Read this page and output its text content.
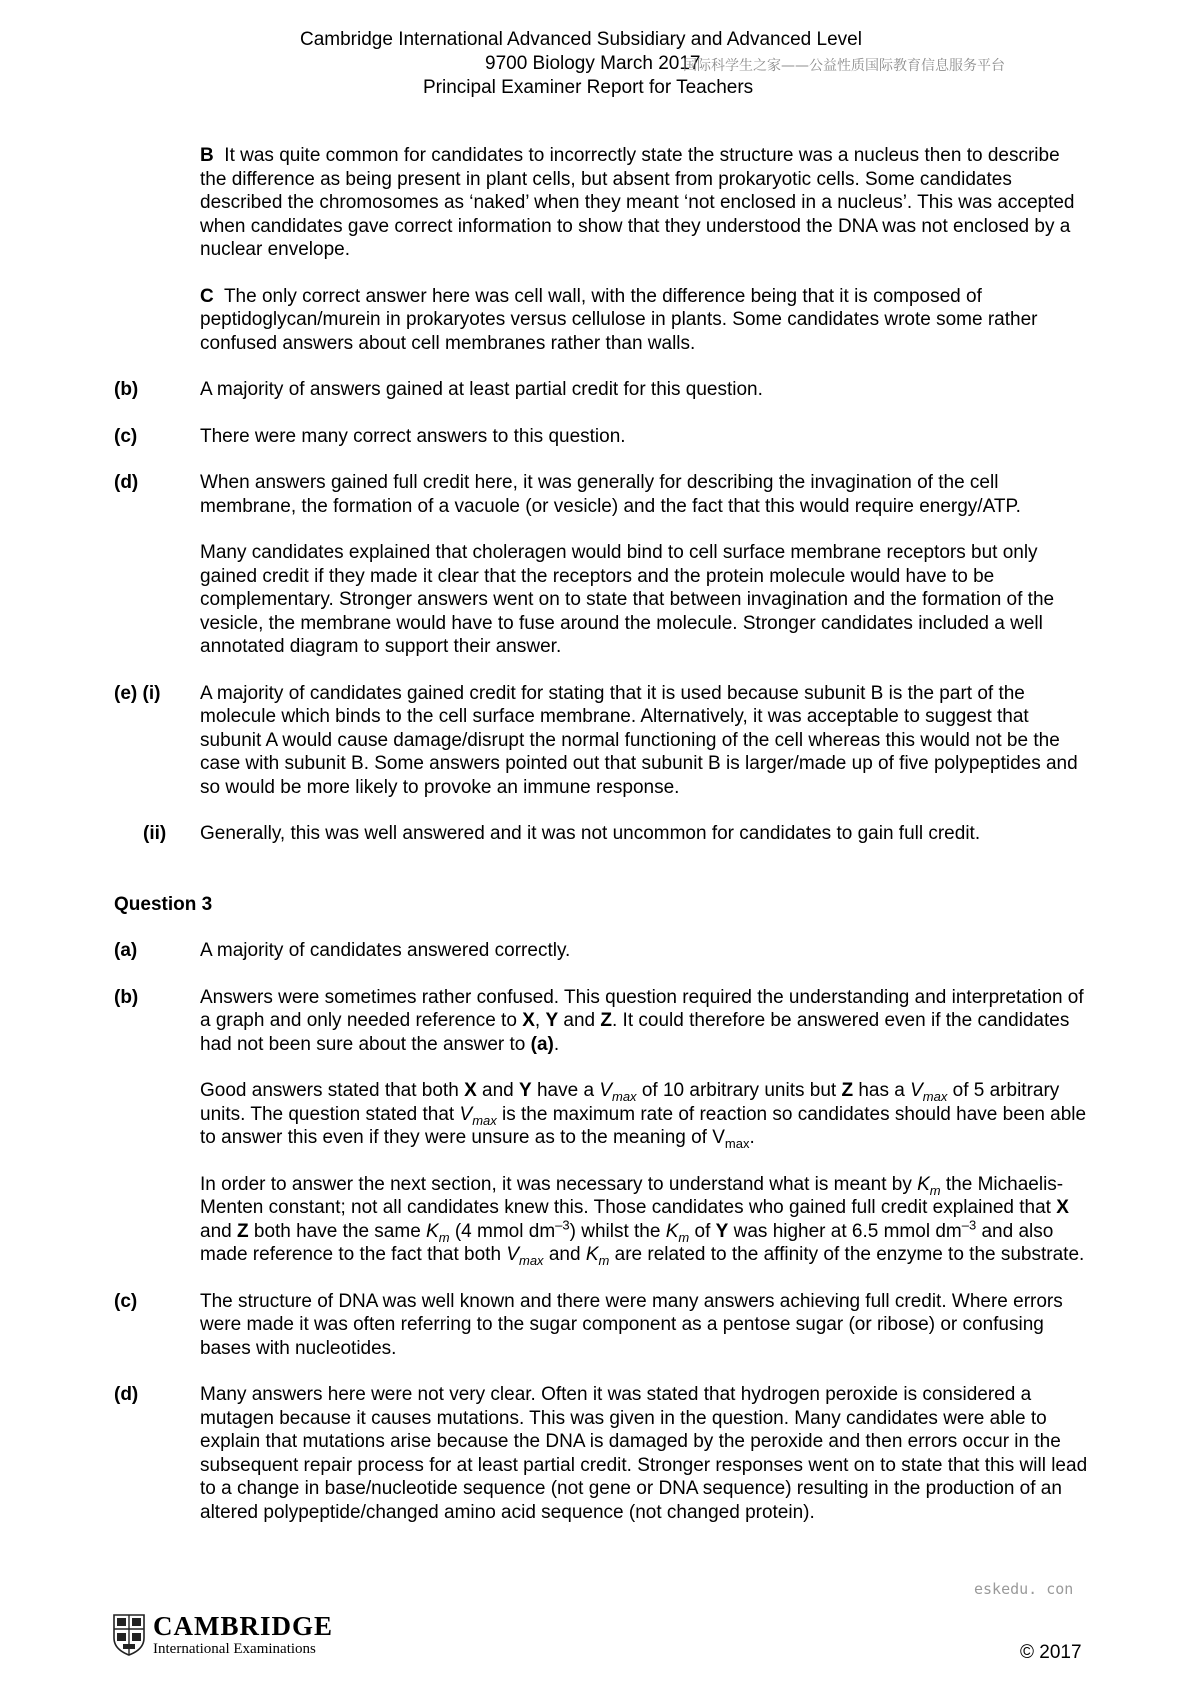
Cambridge International Advanced Subsidiary and Advanced Level
9700 Biology March 2017
Principal Examiner Report for Teachers
国际科学生之家——公益性质国际教育信息服务平台

B It was quite common for candidates to incorrectly state the structure was a nucleus then to describe the difference as being present in plant cells, but absent from prokaryotic cells. Some candidates described the chromosomes as ‘naked’ when they meant ‘not enclosed in a nucleus’. This was accepted when candidates gave correct information to show that they understood the DNA was not enclosed by a nuclear envelope.

C The only correct answer here was cell wall, with the difference being that it is composed of peptidoglycan/murein in prokaryotes versus cellulose in plants. Some candidates wrote some rather confused answers about cell membranes rather than walls.

(b)	A majority of answers gained at least partial credit for this question.
(c)	There were many correct answers to this question.
(d)	When answers gained full credit here, it was generally for describing the invagination of the cell membrane, the formation of a vacuole (or vesicle) and the fact that this would require energy/ATP.

Many candidates explained that choleragen would bind to cell surface membrane receptors but only gained credit if they made it clear that the receptors and the protein molecule would have to be complementary. Stronger answers went on to state that between invagination and the formation of the vesicle, the membrane would have to fuse around the molecule. Stronger candidates included a well annotated diagram to support their answer.

(e) (i)	A majority of candidates gained credit for stating that it is used because subunit B is the part of the molecule which binds to the cell surface membrane. Alternatively, it was acceptable to suggest that subunit A would cause damage/disrupt the normal functioning of the cell whereas this would not be the case with subunit B. Some answers pointed out that subunit B is larger/made up of five polypeptides and so would be more likely to provoke an immune response.
(ii)	Generally, this was well answered and it was not uncommon for candidates to gain full credit.
Question 3
(a)	A majority of candidates answered correctly.
(b)	Answers were sometimes rather confused. This question required the understanding and interpretation of a graph and only needed reference to X, Y and Z. It could therefore be answered even if the candidates had not been sure about the answer to (a).

Good answers stated that both X and Y have a $V_{max}$ of 10 arbitrary units but Z has a $V_{max}$ of 5 arbitrary units. The question stated that $V_{max}$ is the maximum rate of reaction so candidates should have been able to answer this even if they were unsure as to the meaning of $V_{max}$.

In order to answer the next section, it was necessary to understand what is meant by $K_m$ the Michaelis-Menten constant; not all candidates knew this. Those candidates who gained full credit explained that X and Z both have the same $K_m$ (4 mmol $dm^{-3}$) whilst the $K_m$ of Y was higher at 6.5 mmol $dm^{-3}$ and also made reference to the fact that both $V_{max}$ and $K_m$ are related to the affinity of the enzyme to the substrate.

(c)	The structure of DNA was well known and there were many answers achieving full credit. Where errors were made it was often referring to the sugar component as a pentose sugar (or ribose) or confusing bases with nucleotides.
(d)	Many answers here were not very clear. Often it was stated that hydrogen peroxide is considered a mutagen because it causes mutations. This was given in the question. Many candidates were able to explain that mutations arise because the DNA is damaged by the peroxide and then errors occur in the subsequent repair process for at least partial credit. Stronger responses went on to state that this will lead to a change in base/nucleotide sequence (not gene or DNA sequence) resulting in the production of an altered polypeptide/changed amino acid sequence (not changed protein).
eskedu. con
CAMBRIDGE
International Examinations	© 2017
